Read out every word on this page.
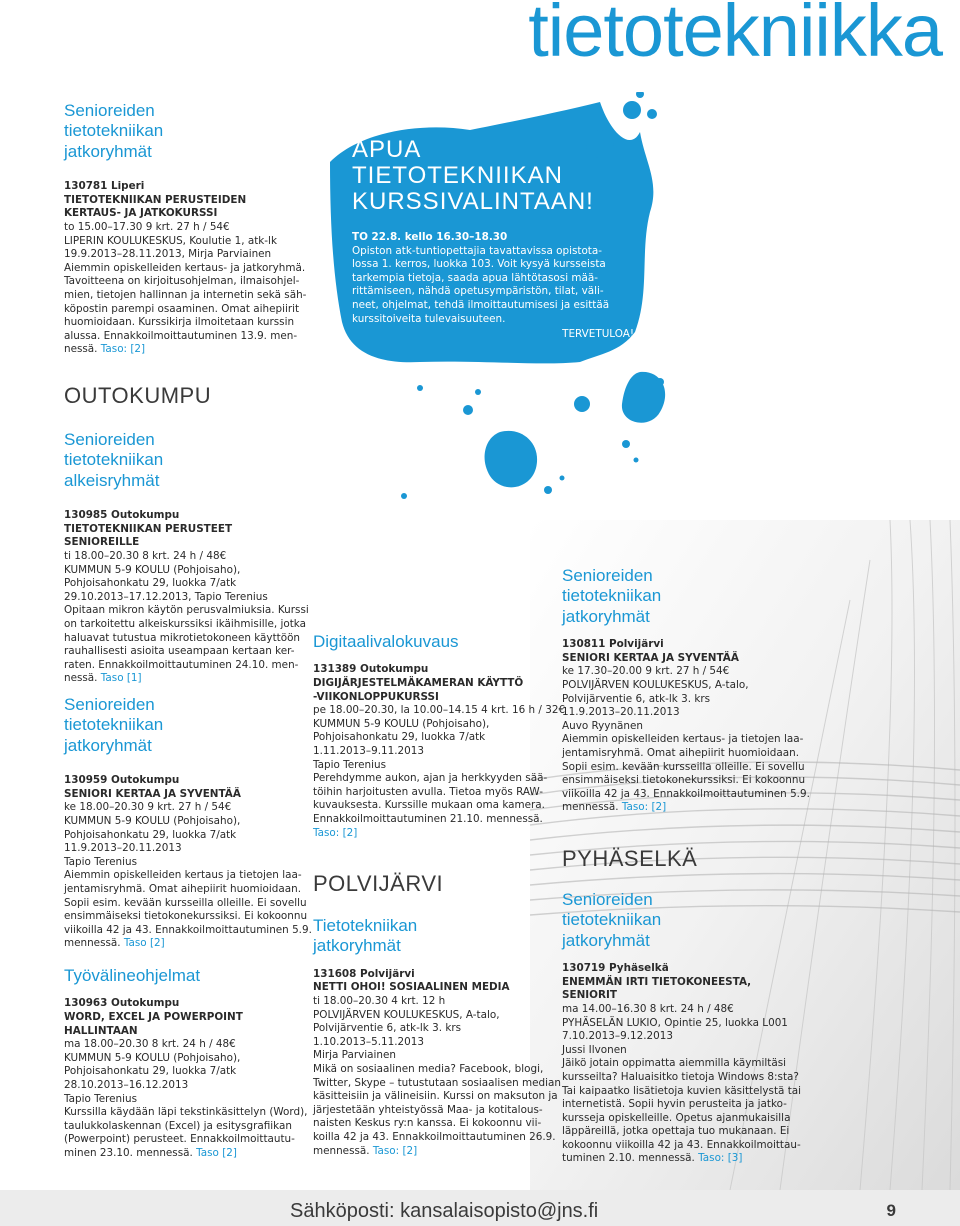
tietotekniikka
APUA
TIETOTEKNIIKAN
KURSSIVALINTAAN!
TO 22.8. kello 16.30–18.30
Opiston atk-tuntiopettajia tavattavissa opistota-
lossa 1. kerros, luokka 103. Voit kysyä kursseista
tarkempia tietoja, saada apua lähtötasosi mää-
rittämiseen, nähdä opetusympäristön, tilat, väli-
neet, ohjelmat, tehdä ilmoittautumisesi ja esittää
kurssitoiveita tulevaisuuteen.
TERVETULOA!
Senioreiden
tietotekniikan
jatkoryhmät
130781 Liperi
TIETOTEKNIIKAN PERUSTEIDEN
KERTAUS- JA JATKOKURSSI
to 15.00–17.30 9 krt. 27 h / 54€
LIPERIN KOULUKESKUS, Koulutie 1, atk-lk
19.9.2013–28.11.2013, Mirja Parviainen
Aiemmin opiskelleiden kertaus- ja jatkoryhmä.
Tavoitteena on kirjoitusohjelman, ilmaisohjel-
mien, tietojen hallinnan ja internetin sekä säh-
köpostin parempi osaaminen. Omat aihepiirit
huomioidaan. Kurssikirja ilmoitetaan kurssin
alussa. Ennakkoilmoittautuminen 13.9. men-
nessä. Taso: [2]
OUTOKUMPU
Senioreiden
tietotekniikan
alkeisryhmät
130985 Outokumpu
TIETOTEKNIIKAN PERUSTEET
SENIOREILLE
ti 18.00–20.30 8 krt. 24 h / 48€
KUMMUN 5-9 KOULU (Pohjoisaho),
Pohjoisahonkatu 29, luokka 7/atk
29.10.2013–17.12.2013, Tapio Terenius
Opitaan mikron käytön perusvalmiuksia. Kurssi
on tarkoitettu alkeiskurssiksi ikäihmisille, jotka
haluavat tutustua mikrotietokoneen käyttöön
rauhallisesti asioita useampaan kertaan ker-
raten. Ennakkoilmoittautuminen 24.10. men-
nessä. Taso [1]
Senioreiden
tietotekniikan
jatkoryhmät
130959 Outokumpu
SENIORI KERTAA JA SYVENTÄÄ
ke 18.00–20.30 9 krt. 27 h / 54€
KUMMUN 5-9 KOULU (Pohjoisaho),
Pohjoisahonkatu 29, luokka 7/atk
11.9.2013–20.11.2013
Tapio Terenius
Aiemmin opiskelleiden kertaus ja tietojen laa-
jentamisryhmä. Omat aihepiirit huomioidaan.
Sopii esim. kevään kursseilla olleille. Ei sovellu
ensimmäiseksi tietokonekurssiksi. Ei kokoonnu
viikoilla 42 ja 43. Ennakkoilmoittautuminen 5.9.
mennessä. Taso [2]
Työvälineohjelmat
130963 Outokumpu
WORD, EXCEL JA POWERPOINT
HALLINTAAN
ma 18.00–20.30 8 krt. 24 h / 48€
KUMMUN 5-9 KOULU (Pohjoisaho),
Pohjoisahonkatu 29, luokka 7/atk
28.10.2013–16.12.2013
Tapio Terenius
Kurssilla käydään läpi tekstinkäsittelyn (Word),
taulukkolaskennan (Excel) ja esitysgrafiikan
(Powerpoint) perusteet. Ennakkoilmoittautu-
minen 23.10. mennessä. Taso [2]
Digitaalivalokuvaus
131389 Outokumpu
DIGIJÄRJESTELMÄKAMERAN KÄYTTÖ
-VIIKONLOPPUKURSSI
pe 18.00–20.30, la 10.00–14.15 4 krt. 16 h / 32€
KUMMUN 5-9 KOULU (Pohjoisaho),
Pohjoisahonkatu 29, luokka 7/atk
1.11.2013–9.11.2013
Tapio Terenius
Perehdymme aukon, ajan ja herkkyyden sää-
töihin harjoitusten avulla. Tietoa myös RAW-
kuvauksesta. Kurssille mukaan oma kamera.
Ennakkoilmoittautuminen 21.10. mennessä.
Taso: [2]
POLVIJÄRVI
Tietotekniikan
jatkoryhmät
131608 Polvijärvi
NETTI OHOI! SOSIAALINEN MEDIA
ti 18.00–20.30 4 krt. 12 h
POLVIJÄRVEN KOULUKESKUS, A-talo,
Polvijärventie 6, atk-lk 3. krs
1.10.2013–5.11.2013
Mirja Parviainen
Mikä on sosiaalinen media? Facebook, blogi,
Twitter, Skype – tutustutaan sosiaalisen median
käsitteisiin ja välineisiin. Kurssi on maksuton ja
järjestetään yhteistyössä Maa- ja kotitalous-
naisten Keskus ry:n kanssa. Ei kokoonnu vii-
koilla 42 ja 43. Ennakkoilmoittautuminen 26.9.
mennessä. Taso: [2]
Senioreiden
tietotekniikan
jatkoryhmät
130811 Polvijärvi
SENIORI KERTAA JA SYVENTÄÄ
ke 17.30–20.00 9 krt. 27 h / 54€
POLVIJÄRVEN KOULUKESKUS, A-talo,
Polvijärventie 6, atk-lk 3. krs
11.9.2013–20.11.2013
Auvo Ryynänen
Aiemmin opiskelleiden kertaus- ja tietojen laa-
jentamisryhmä. Omat aihepiirit huomioidaan.
Sopii esim. kevään kursseilla olleille. Ei sovellu
ensimmäiseksi tietokonekurssiksi. Ei kokoonnu
viikoilla 42 ja 43. Ennakkoilmoittautuminen 5.9.
mennessä. Taso: [2]
PYHÄSELKÄ
Senioreiden
tietotekniikan
jatkoryhmät
130719 Pyhäselkä
ENEMMÄN IRTI TIETOKONEESTA,
SENIORIT
ma 14.00–16.30 8 krt. 24 h / 48€
PYHÄSELÄN LUKIO, Opintie 25, luokka L001
7.10.2013–9.12.2013
Jussi Ilvonen
Jäikö jotain oppimatta aiemmilla käymiltäsi
kursseilta? Haluaisitko tietoja Windows 8:sta?
Tai kaipaatko lisätietoja kuvien käsittelystä tai
internetistä. Sopii hyvin perusteita ja jatko-
kursseja opiskelleille. Opetus ajanmukaisilla
läppäreillä, jotka opettaja tuo mukanaan. Ei
kokoonnu viikoilla 42 ja 43. Ennakkoilmoittau-
tuminen 2.10. mennessä. Taso: [3]
Sähköposti: kansalaisopisto@jns.fi	9
